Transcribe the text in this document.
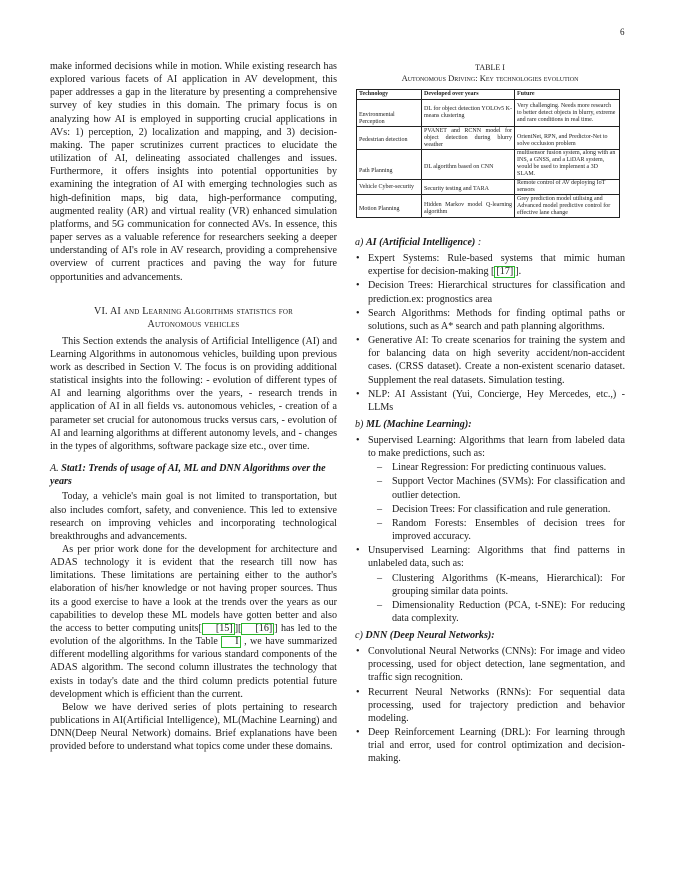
6

make informed decisions while in motion. While existing research has explored various facets of AI application in AV development, this paper addresses a gap in the literature by presenting a comprehensive survey of key studies in this domain. The primary focus is on analyzing how AI is employed in supporting crucial applications in AVs: 1) perception, 2) localization and mapping, and 3) decision-making. The paper scrutinizes current practices to elucidate the utilization of AI, delineating associated challenges and issues. Furthermore, it offers insights into potential opportunities by examining the integration of AI with emerging technologies such as high-definition maps, big data, high-performance computing, augmented reality (AR) and virtual reality (VR) enhanced simulation platforms, and 5G communication for connected AVs. In essence, this paper serves as a valuable reference for researchers seeking a deeper understanding of AI's role in AV research, providing a comprehensive overview of current practices and paving the way for future opportunities and advancements.

VI. AI and Learning Algorithms statistics for
Autonomous vehicles

This Section extends the analysis of Artificial Intelligence (AI) and Learning Algorithms in autonomous vehicles, building upon previous work as described in Section V. The focus is on providing additional statistical insights into the following: - evolution of different types of AI and learning algorithms over the years, - research trends in application of AI in all fields vs. autonomous vehicles, - creation of a parameter set crucial for autonomous trucks versus cars, - evolution of AI and learning algorithms at different autonomy levels, and - changes in the types of algorithms, software package size etc., over time.

A. Stat1: Trends of usage of AI, ML and DNN Algorithms over the years

Today, a vehicle's main goal is not limited to transportation, but also includes comfort, safety, and convenience. This led to extensive research on improving vehicles and incorporating technological breakthroughs and advancements.

As per prior work done for the development for architecture and ADAS technology it is evident that the research till now has limitations. These limitations are pertaining either to the author's elaboration of his/her knowledge or not having proper sources. Thus its a good exercise to have a look at the trends over the years as our capabilities to develop these ML models have gotten better and also the access to better computing units[ [15] ][ [16] ] has led to the evolution of the algorithms. In the Table I , we have summarized different modelling algorithms for various standard components of the ADAS algorithm. The second column illustrates the technology that exists in today's date and the third column predicts potential future development which is efficient than the current.

Below we have derived series of plots pertaining to research publications in AI(Artificial Intelligence), ML(Machine Learning) and DNN(Deep Neural Network) domains. Brief explanations have been provided before to understand what topics come under these domains.

TABLE I
Autonomous Driving: Key technologies evolution
Technology	Developed over years	Future
Environmental Perception	DL for object detection YOLOv5 K-means clustering	Very challenging. Needs more research to better detect objects in blurry, extreme and rare conditions in real time.
Pedestrian detection	PVANET and RCNN model for object detection during blurry weather	OrientNet, RPN, and Predictor-Net to solve occlusion problem
Path Planning	DL algorithm based on CNN	multisensor fusion system, along with an INS, a GNSS, and a LiDAR system, would be used to implement a 3D SLAM.
Vehicle Cyber-security	Security testing and TARA	Remote control of AV deploying IoT sensors
Motion Planning	Hidden Markov model Q-learning algorithm	Grey prediction model utilising and Advanced model predictive control for effective lane change
a) AI (Artificial Intelligence) :
• Expert Systems: Rule-based systems that mimic human expertise for decision-making [ [17] ].
• Decision Trees: Hierarchical structures for classification and prediction.ex: prognostics area
• Search Algorithms: Methods for finding optimal paths or solutions, such as A* search and path planning algorithms.
• Generative AI: To create scenarios for training the system and for balancing data on high severity accident/non-accident cases. (CRSS dataset). Create a non-existent scenario dataset. Supplement the real datasets. Simulation testing.
• NLP: AI Assistant (Yui, Concierge, Hey Mercedes, etc.,) - LLMs
b) ML (Machine Learning):
• Supervised Learning: Algorithms that learn from labeled data to make predictions, such as:
– Linear Regression: For predicting continuous values.
– Support Vector Machines (SVMs): For classification and outlier detection.
– Decision Trees: For classification and rule generation.
– Random Forests: Ensembles of decision trees for improved accuracy.
• Unsupervised Learning: Algorithms that find patterns in unlabeled data, such as:
– Clustering Algorithms (K-means, Hierarchical): For grouping similar data points.
– Dimensionality Reduction (PCA, t-SNE): For reducing data complexity.
c) DNN (Deep Neural Networks):
• Convolutional Neural Networks (CNNs): For image and video processing, used for object detection, lane segmentation, and traffic sign recognition.
• Recurrent Neural Networks (RNNs): For sequential data processing, used for trajectory prediction and behavior modeling.
• Deep Reinforcement Learning (DRL): For learning through trial and error, used for control optimization and decision-making.
